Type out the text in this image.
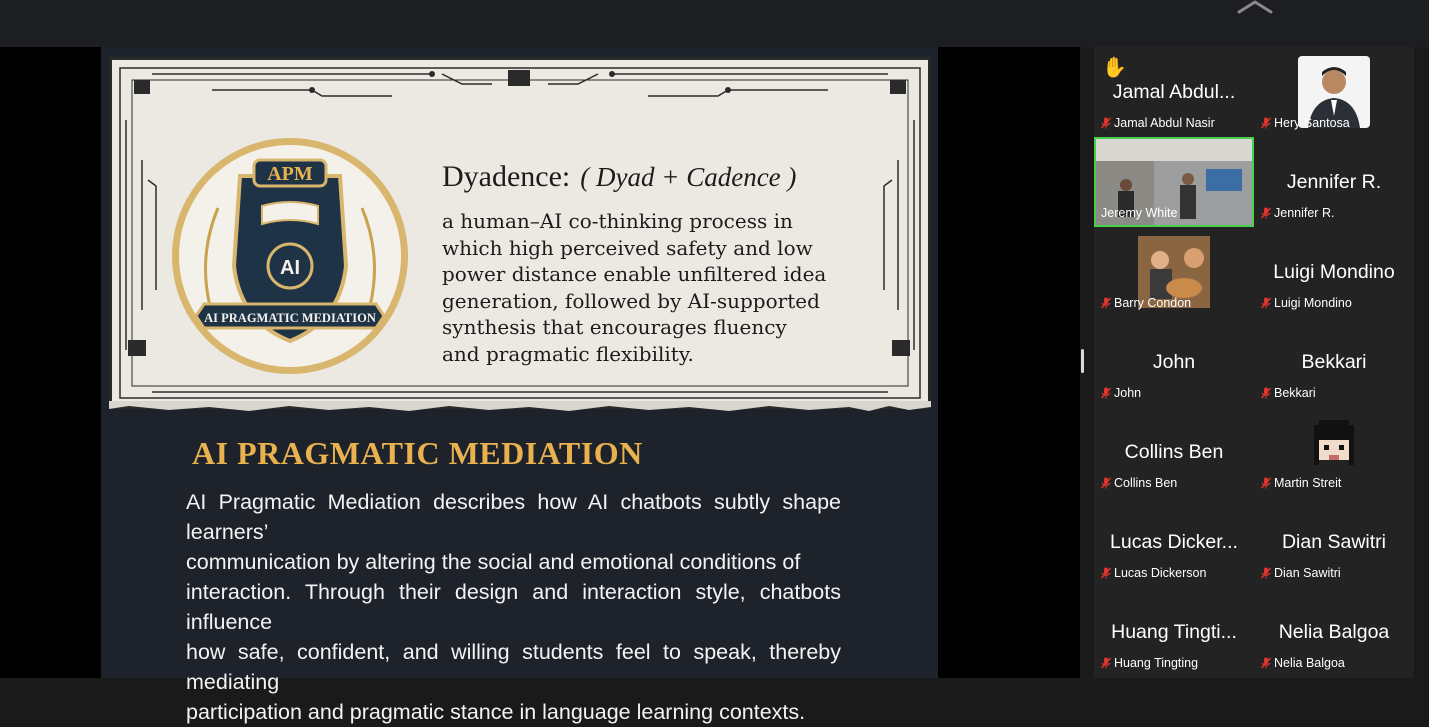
APM
AI
AI PRAGMATIC MEDIATION
Dyadence: ( Dyad + Cadence )
a human–AI co-thinking process in
which high perceived safety and low
power distance enable unfiltered idea
generation, followed by AI-supported
synthesis that encourages fluency
and pragmatic flexibility.
AI PRAGMATIC MEDIATION
AI Pragmatic Mediation describes how AI chatbots subtly shape learners’
communication by altering the social and emotional conditions of
interaction. Through their design and interaction style, chatbots influence
how safe, confident, and willing students feel to speak, thereby mediating
participation and pragmatic stance in language learning contexts.
✋
Jamal Abdul...
Jamal Abdul Nasir	Hery Santosa
Jeremy White
Jennifer R.
Jennifer R.
Barry Condon
Luigi Mondino
Luigi Mondino
John
John
Bekkari
Bekkari
Collins Ben
Collins Ben	Martin Streit
Lucas Dicker...
Lucas Dickerson
Dian Sawitri
Dian Sawitri
Huang Tingti...
Huang Tingting
Nelia Balgoa
Nelia Balgoa
